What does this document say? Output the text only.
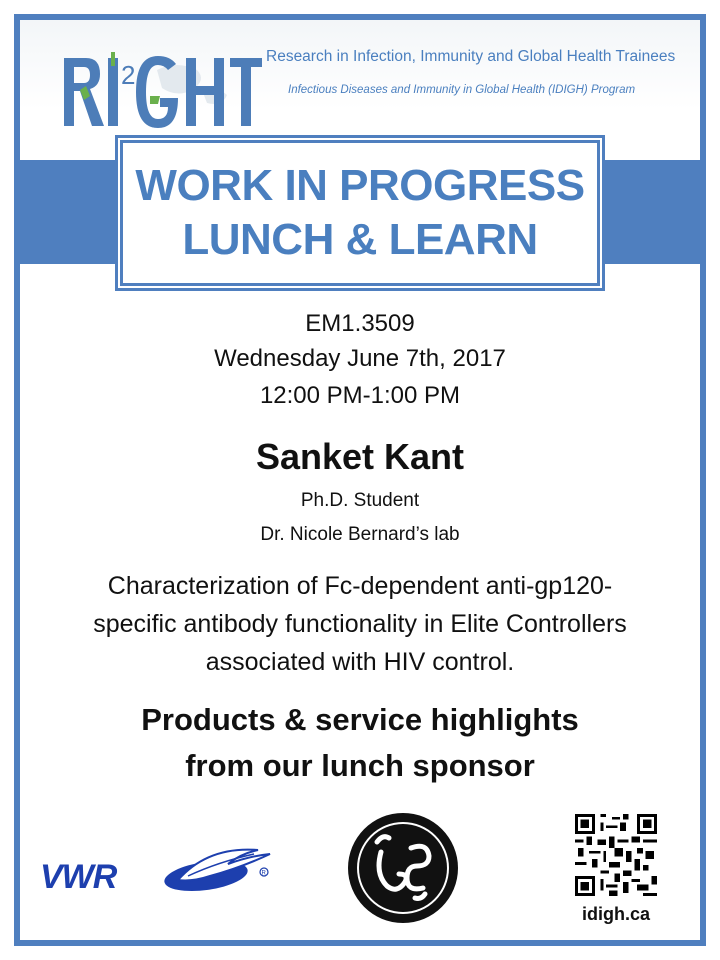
2
Research in Infection, Immunity and Global Health Trainees
Infectious Diseases and Immunity in Global Health (IDIGH) Program
WORK IN PROGRESS
LUNCH & LEARN
EM1.3509
Wednesday June 7th, 2017
12:00 PM-1:00 PM
Sanket Kant
Ph.D. Student
Dr. Nicole Bernard’s lab
Characterization of Fc-dependent anti-gp120-
specific antibody functionality in Elite Controllers
associated with HIV control.
Products & service highlights
from our lunch sponsor
VWR	R
idigh.ca
